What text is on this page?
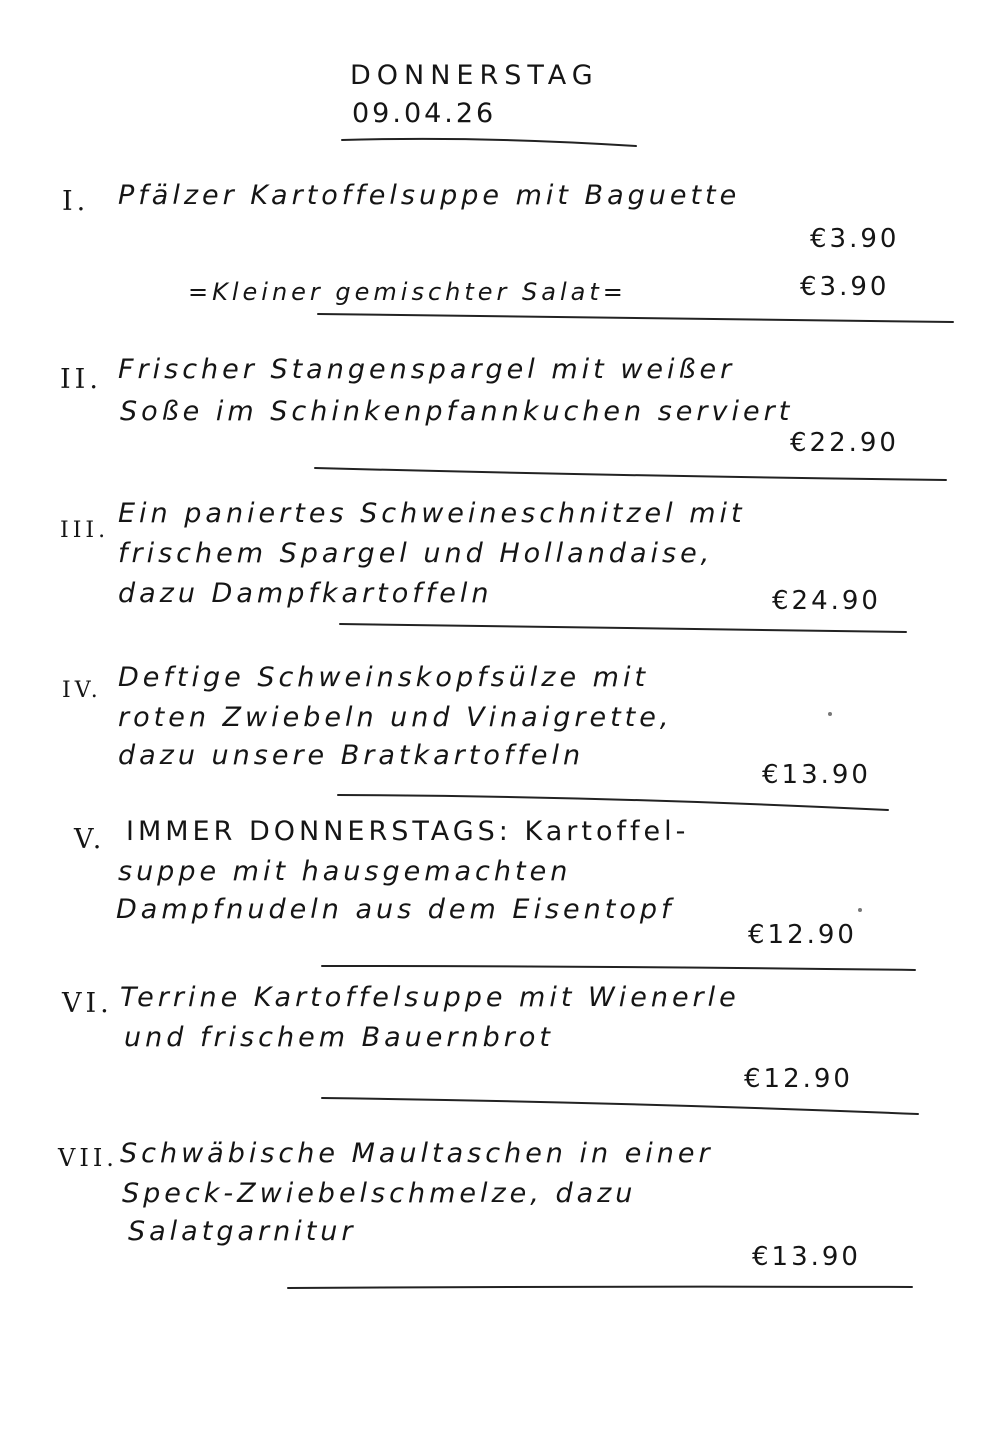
DONNERSTAG
09.04.26
I. Pfälzer Kartoffelsuppe mit Baguette
€3.90
=Kleiner gemischter Salat=	€3.90
II. Frischer Stangenspargel mit weißer
Soße im Schinkenpfannkuchen serviert
€22.90
III.
Ein paniertes Schweineschnitzel mit
frischem Spargel und Hollandaise,
dazu Dampfkartoffeln	€24.90
IV. Deftige Schweinskopfsülze mit
roten Zwiebeln und Vinaigrette,
dazu unsere Bratkartoffeln
€13.90
V. IMMER DONNERSTAGS: Kartoffel-
suppe mit hausgemachten
Dampfnudeln aus dem Eisentopf
€12.90
VI. Terrine Kartoffelsuppe mit Wienerle
und frischem Bauernbrot
€12.90
VII. Schwäbische Maultaschen in einer
Speck-Zwiebelschmelze, dazu
Salatgarnitur
€13.90
